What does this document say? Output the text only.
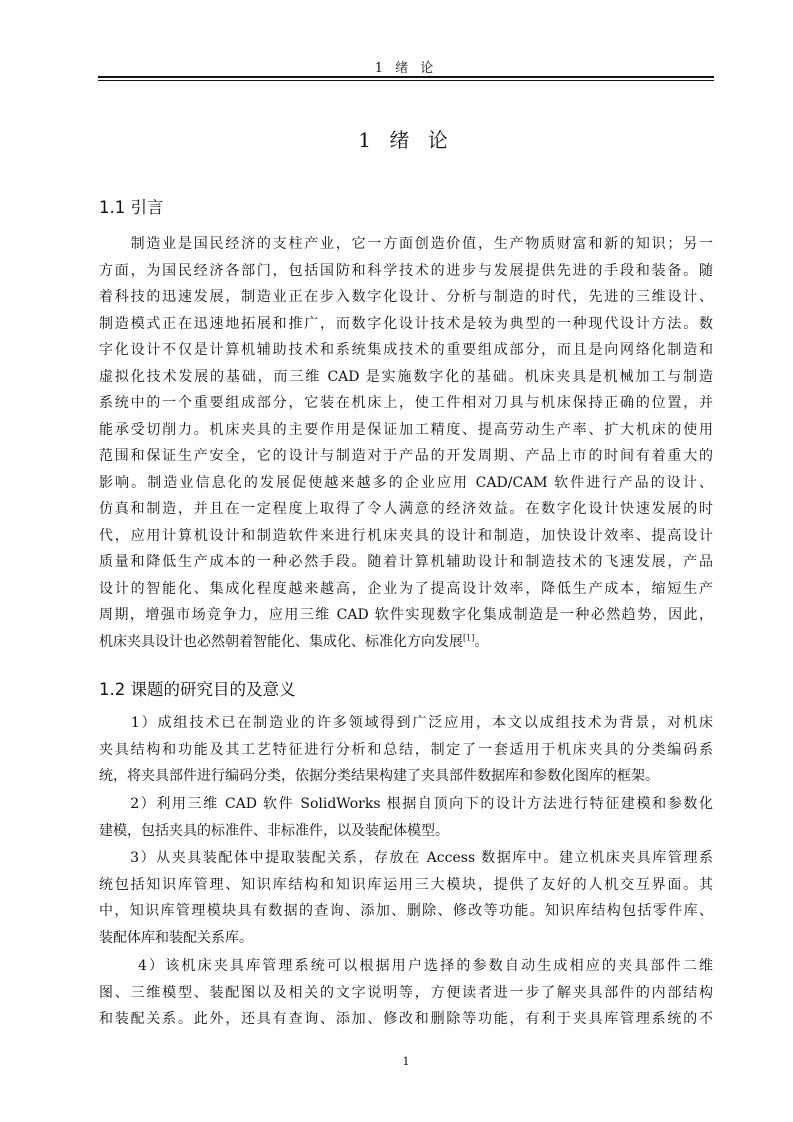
1 绪 论
1 绪 论
1.1 引言
　　制造业是国民经济的支柱产业，它一方面创造价值，生产物质财富和新的知识；另一
方面，为国民经济各部门，包括国防和科学技术的进步与发展提供先进的手段和装备。随
着科技的迅速发展，制造业正在步入数字化设计、分析与制造的时代，先进的三维设计、
制造模式正在迅速地拓展和推广，而数字化设计技术是较为典型的一种现代设计方法。数
字化设计不仅是计算机辅助技术和系统集成技术的重要组成部分，而且是向网络化制造和
虚拟化技术发展的基础，而三维 CAD 是实施数字化的基础。机床夹具是机械加工与制造
系统中的一个重要组成部分，它装在机床上，使工件相对刀具与机床保持正确的位置，并
能承受切削力。机床夹具的主要作用是保证加工精度、提高劳动生产率、扩大机床的使用
范围和保证生产安全，它的设计与制造对于产品的开发周期、产品上市的时间有着重大的
影响。制造业信息化的发展促使越来越多的企业应用 CAD/CAM 软件进行产品的设计、
仿真和制造，并且在一定程度上取得了令人满意的经济效益。在数字化设计快速发展的时
代，应用计算机设计和制造软件来进行机床夹具的设计和制造，加快设计效率、提高设计
质量和降低生产成本的一种必然手段。随着计算机辅助设计和制造技术的飞速发展，产品
设计的智能化、集成化程度越来越高，企业为了提高设计效率，降低生产成本，缩短生产
周期，增强市场竞争力，应用三维 CAD 软件实现数字化集成制造是一种必然趋势，因此，
机床夹具设计也必然朝着智能化、集成化、标准化方向发展[1]。
1.2 课题的研究目的及意义
　　1）成组技术已在制造业的许多领域得到广泛应用，本文以成组技术为背景，对机床
夹具结构和功能及其工艺特征进行分析和总结，制定了一套适用于机床夹具的分类编码系
统，将夹具部件进行编码分类，依据分类结果构建了夹具部件数据库和参数化图库的框架。
　　2）利用三维 CAD 软件 SolidWorks 根据自顶向下的设计方法进行特征建模和参数化
建模，包括夹具的标准件、非标准件，以及装配体模型。
　　3）从夹具装配体中提取装配关系，存放在 Access 数据库中。建立机床夹具库管理系
统包括知识库管理、知识库结构和知识库运用三大模块，提供了友好的人机交互界面。其
中，知识库管理模块具有数据的查询、添加、删除、修改等功能。知识库结构包括零件库、
装配体库和装配关系库。
　　 4）该机床夹具库管理系统可以根据用户选择的参数自动生成相应的夹具部件二维
图、三维模型、装配图以及相关的文字说明等，方便读者进一步了解夹具部件的内部结构
和装配关系。此外，还具有查询、添加、修改和删除等功能，有利于夹具库管理系统的不
1
